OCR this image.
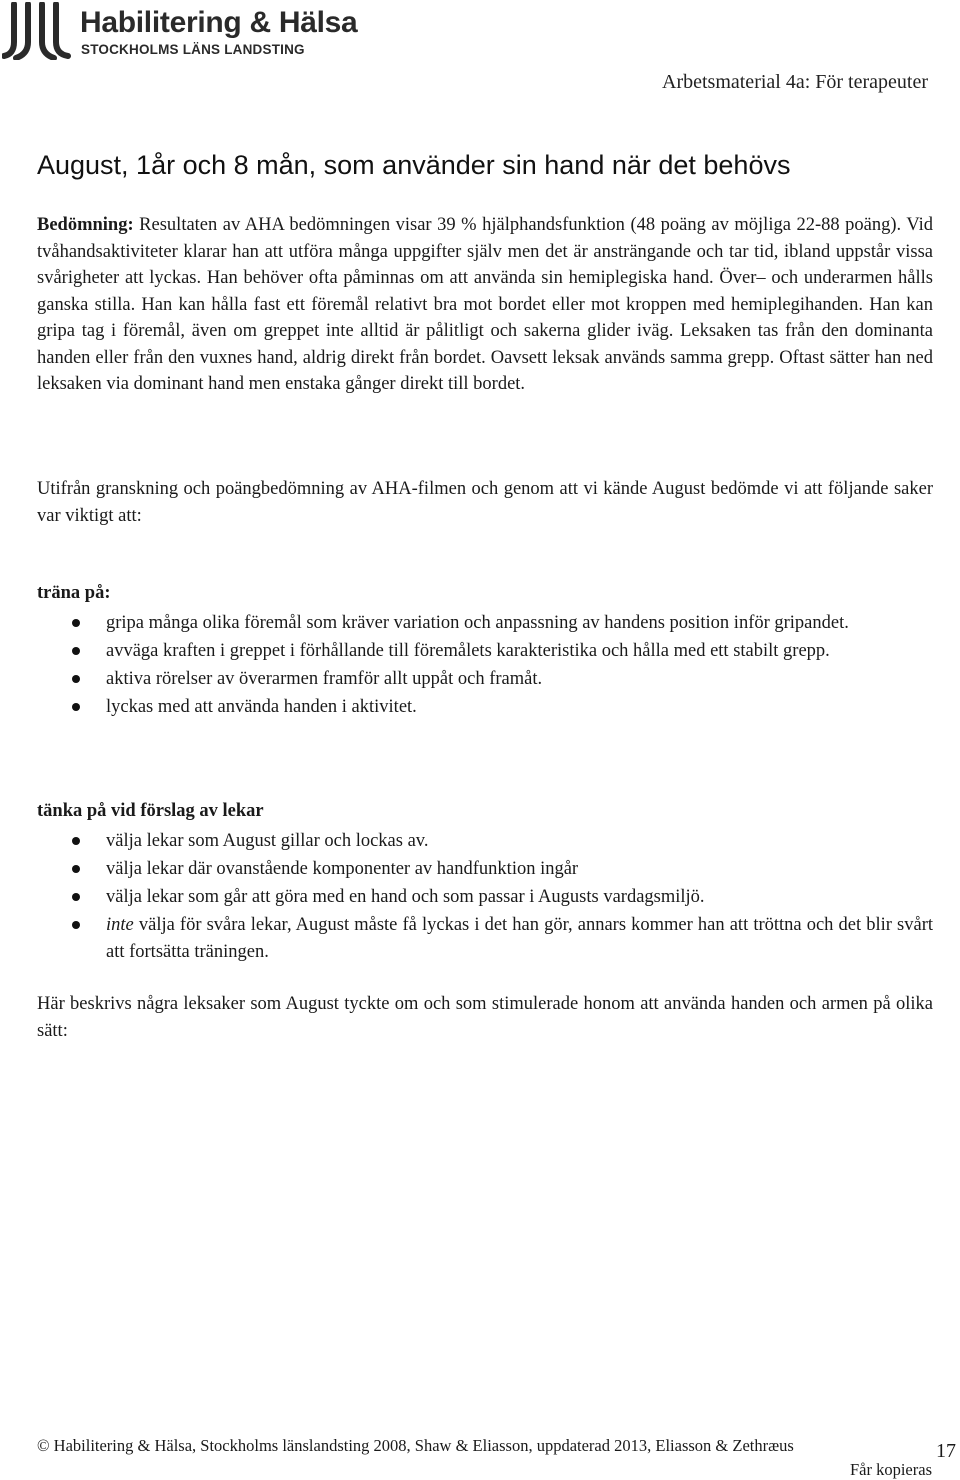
Habilitering & Hälsa
STOCKHOLMS LÄNS LANDSTING
Arbetsmaterial 4a: För terapeuter
August, 1år och 8 mån, som använder sin hand när det behövs

Bedömning: Resultaten av AHA bedömningen visar 39 % hjälphandsfunktion (48 poäng av möjliga 22-88 poäng). Vid tvåhandsaktiviteter klarar han att utföra många uppgifter själv men det är ansträngande och tar tid, ibland uppstår vissa svårigheter att lyckas. Han behöver ofta påminnas om att använda sin hemiplegiska hand. Över– och underarmen hålls ganska stilla. Han kan hålla fast ett föremål relativt bra mot bordet eller mot kroppen med hemiplegihanden. Han kan gripa tag i föremål, även om greppet inte alltid är pålitligt och sakerna glider iväg. Leksaken tas från den dominanta handen eller från den vuxnes hand, aldrig direkt från bordet. Oavsett leksak används samma grepp. Oftast sätter han ned leksaken via dominant hand men enstaka gånger direkt till bordet.

Utifrån granskning och poängbedömning av AHA-filmen och genom att vi kände August bedömde vi att följande saker var viktigt att:

träna på:
gripa många olika föremål som kräver variation och anpassning av handens position inför gripandet.
avväga kraften i greppet i förhållande till föremålets karakteristika och hålla med ett stabilt grepp.
aktiva rörelser av överarmen framför allt uppåt och framåt.
lyckas med att använda handen i aktivitet.
tänka på vid förslag av lekar
välja lekar som August gillar och lockas av.
välja lekar där ovanstående komponenter av handfunktion ingår
välja lekar som går att göra med en hand och som passar i Augusts vardagsmiljö.
inte välja för svåra lekar, August måste få lyckas i det han gör, annars kommer han att tröttna och det blir svårt att fortsätta träningen.

Här beskrivs några leksaker som August tyckte om och som stimulerade honom att använda handen och armen på olika sätt:

© Habilitering & Hälsa, Stockholms länslandsting 2008, Shaw & Eliasson, uppdaterad 2013, Eliasson & Zethræus
Får kopieras
17
